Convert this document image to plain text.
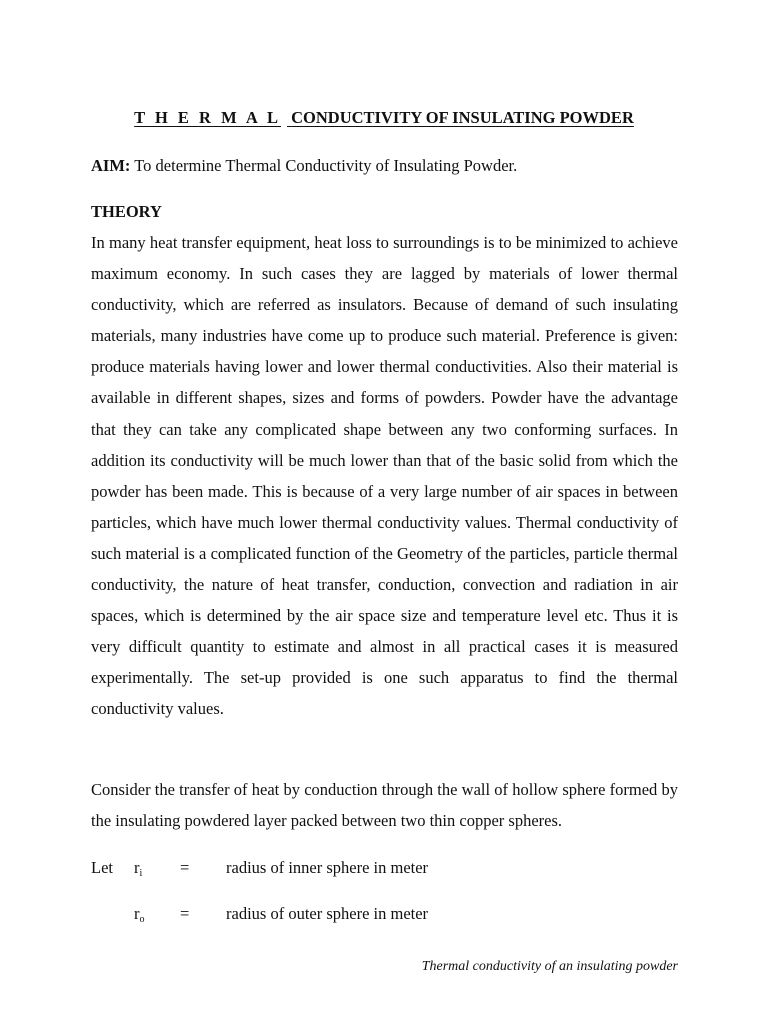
T H E R M A L CONDUCTIVITY OF INSULATING POWDER
AIM: To determine Thermal Conductivity of Insulating Powder.
THEORY

In many heat transfer equipment, heat loss to surroundings is to be minimized to achieve maximum economy. In such cases they are lagged by materials of lower thermal conductivity, which are referred as insulators. Because of demand of such insulating materials, many industries have come up to produce such material. Preference is given: produce materials having lower and lower thermal conductivities. Also their material is available in different shapes, sizes and forms of powders. Powder have the advantage that they can take any complicated shape between any two conforming surfaces. In addition its conductivity will be much lower than that of the basic solid from which the powder has been made. This is because of a very large number of air spaces in between particles, which have much lower thermal conductivity values. Thermal conductivity of such material is a complicated function of the Geometry of the particles, particle thermal conductivity, the nature of heat transfer, conduction, convection and radiation in air spaces, which is determined by the air space size and temperature level etc. Thus it is very difficult quantity to estimate and almost in all practical cases it is measured experimentally. The set-up provided is one such apparatus to find the thermal conductivity values.

Consider the transfer of heat by conduction through the wall of hollow sphere formed by the insulating powdered layer packed between two thin copper spheres.

Let $r_i$ = radius of inner sphere in meter
$r_o$ = radius of outer sphere in meter
Thermal conductivity of an insulating powder
